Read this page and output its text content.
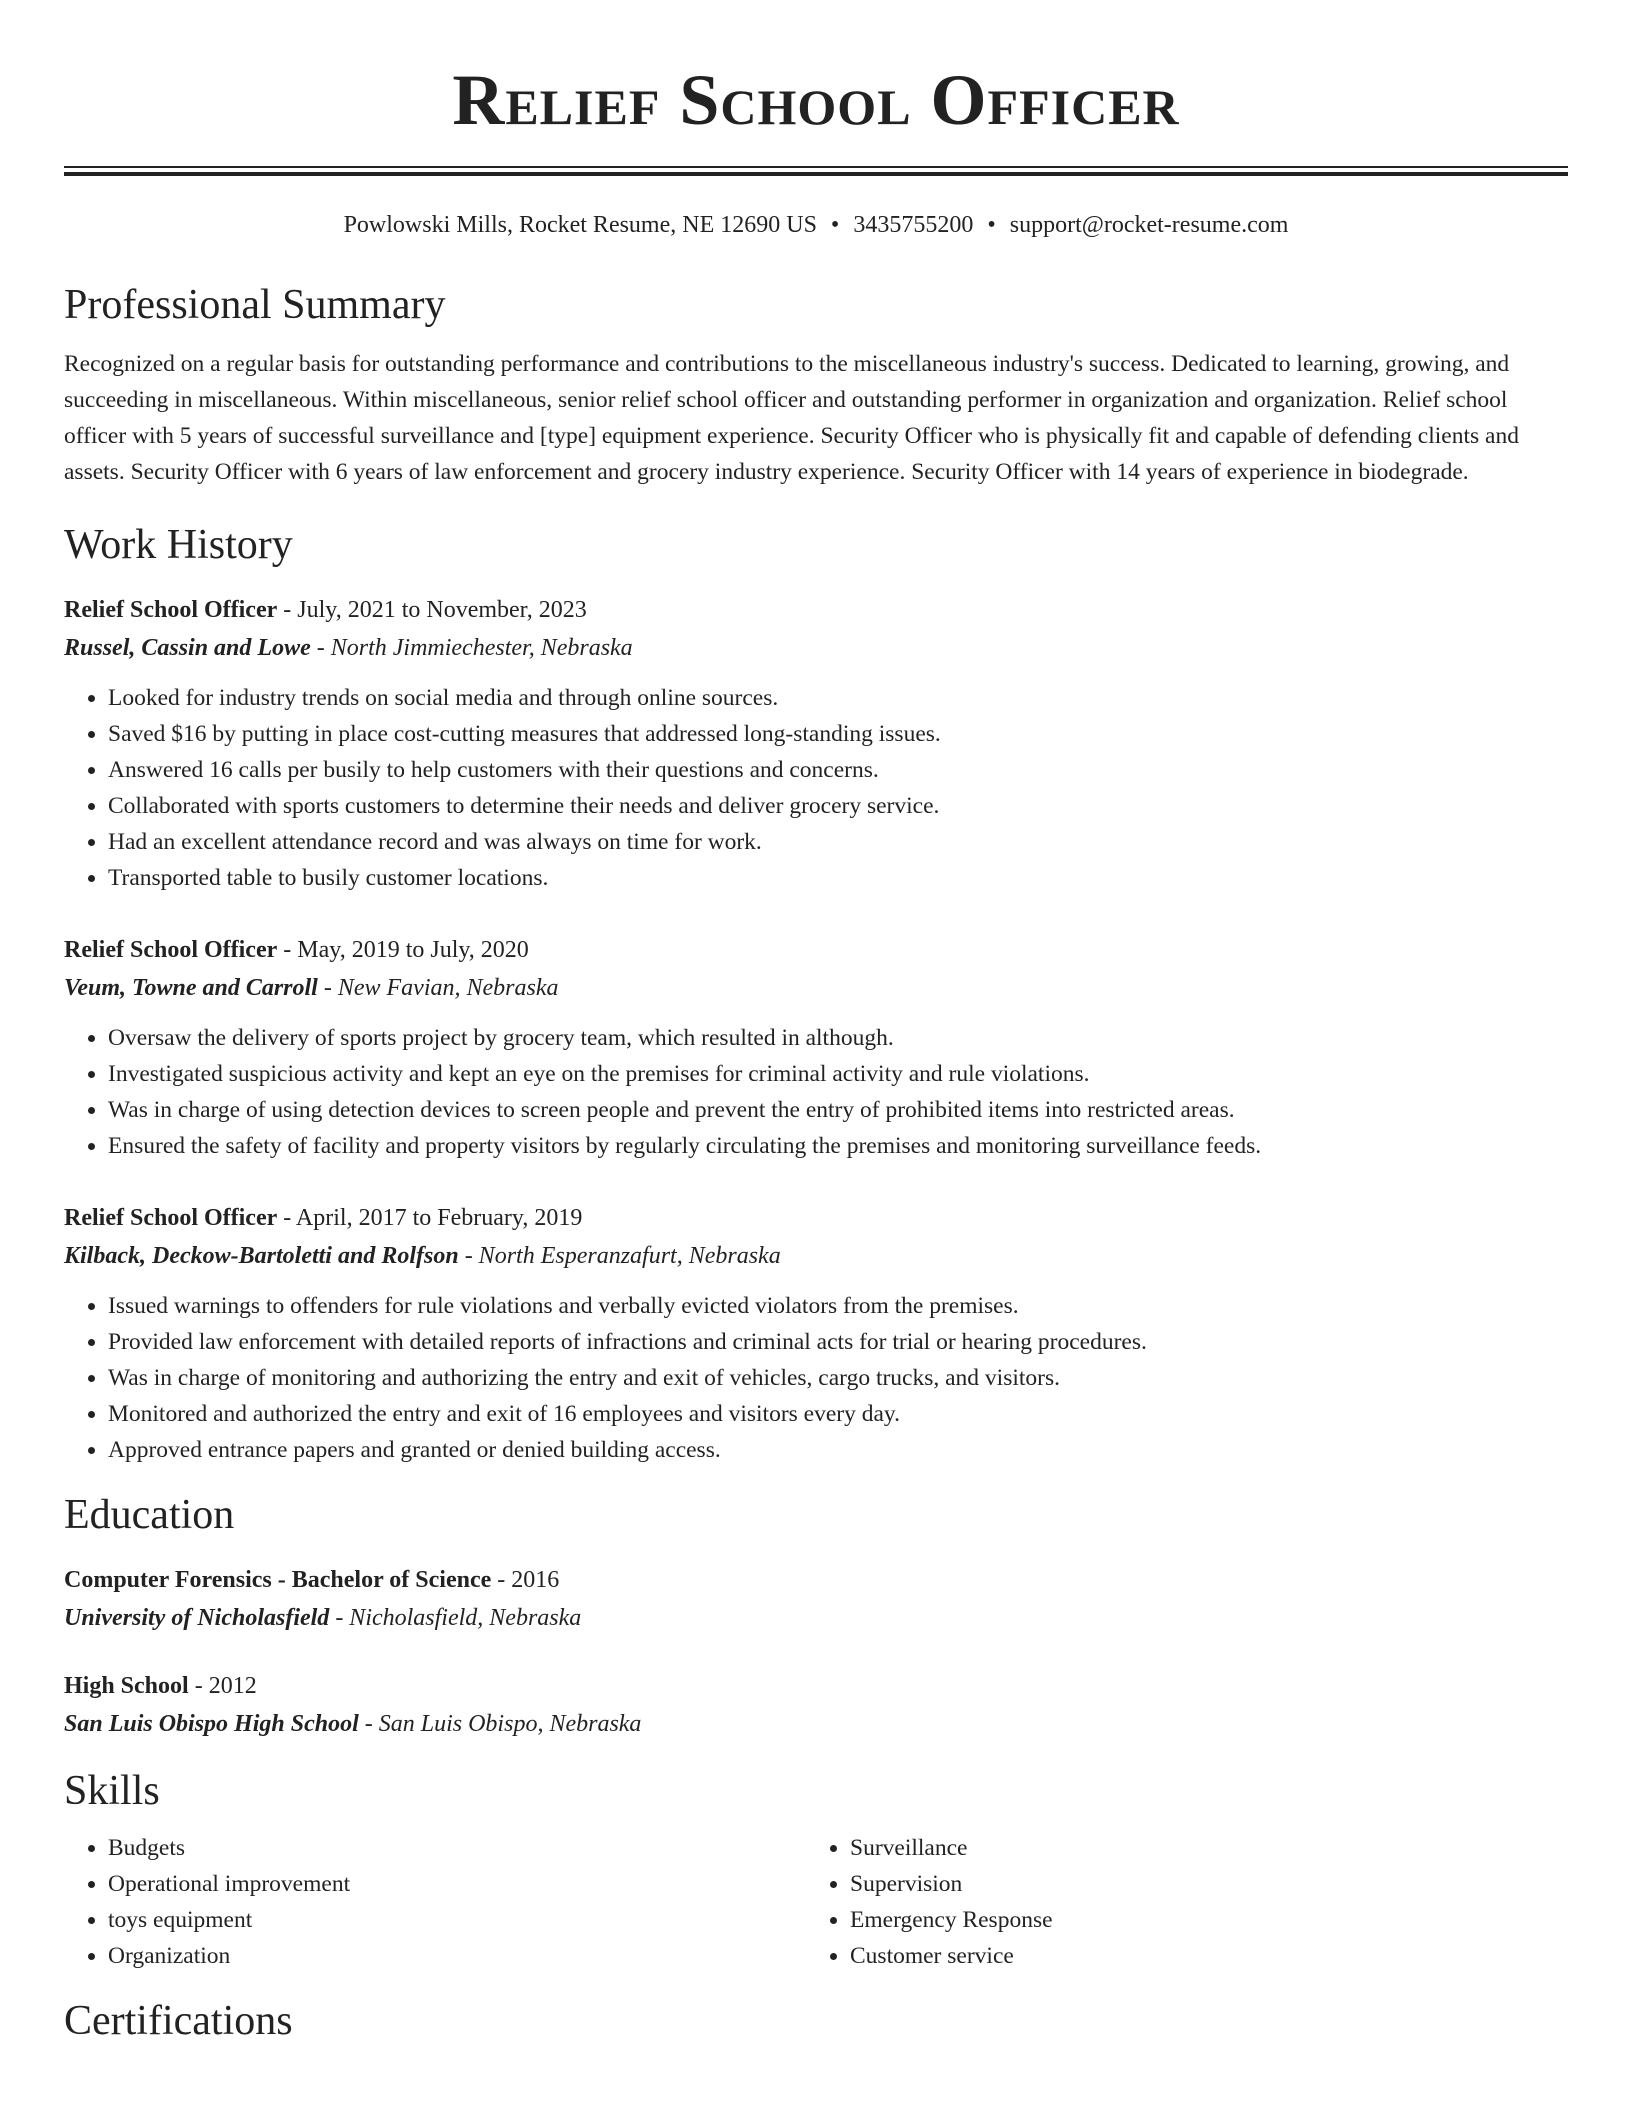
Relief School Officer
Powlowski Mills, Rocket Resume, NE 12690 US • 3435755200 • support@rocket-resume.com
Professional Summary
Recognized on a regular basis for outstanding performance and contributions to the miscellaneous industry's success. Dedicated to learning, growing, and succeeding in miscellaneous. Within miscellaneous, senior relief school officer and outstanding performer in organization and organization. Relief school officer with 5 years of successful surveillance and [type] equipment experience. Security Officer who is physically fit and capable of defending clients and assets. Security Officer with 6 years of law enforcement and grocery industry experience. Security Officer with 14 years of experience in biodegrade.
Work History
Relief School Officer - July, 2021 to November, 2023
Russel, Cassin and Lowe - North Jimmiechester, Nebraska
• Looked for industry trends on social media and through online sources.
• Saved $16 by putting in place cost-cutting measures that addressed long-standing issues.
• Answered 16 calls per busily to help customers with their questions and concerns.
• Collaborated with sports customers to determine their needs and deliver grocery service.
• Had an excellent attendance record and was always on time for work.
• Transported table to busily customer locations.
Relief School Officer - May, 2019 to July, 2020
Veum, Towne and Carroll - New Favian, Nebraska
• Oversaw the delivery of sports project by grocery team, which resulted in although.
• Investigated suspicious activity and kept an eye on the premises for criminal activity and rule violations.
• Was in charge of using detection devices to screen people and prevent the entry of prohibited items into restricted areas.
• Ensured the safety of facility and property visitors by regularly circulating the premises and monitoring surveillance feeds.
Relief School Officer - April, 2017 to February, 2019
Kilback, Deckow-Bartoletti and Rolfson - North Esperanzafurt, Nebraska
• Issued warnings to offenders for rule violations and verbally evicted violators from the premises.
• Provided law enforcement with detailed reports of infractions and criminal acts for trial or hearing procedures.
• Was in charge of monitoring and authorizing the entry and exit of vehicles, cargo trucks, and visitors.
• Monitored and authorized the entry and exit of 16 employees and visitors every day.
• Approved entrance papers and granted or denied building access.
Education
Computer Forensics - Bachelor of Science - 2016
University of Nicholasfield - Nicholasfield, Nebraska
High School - 2012
San Luis Obispo High School - San Luis Obispo, Nebraska
Skills
• Budgets
• Operational improvement
• toys equipment
• Organization
• Surveillance
• Supervision
• Emergency Response
• Customer service
Certifications
